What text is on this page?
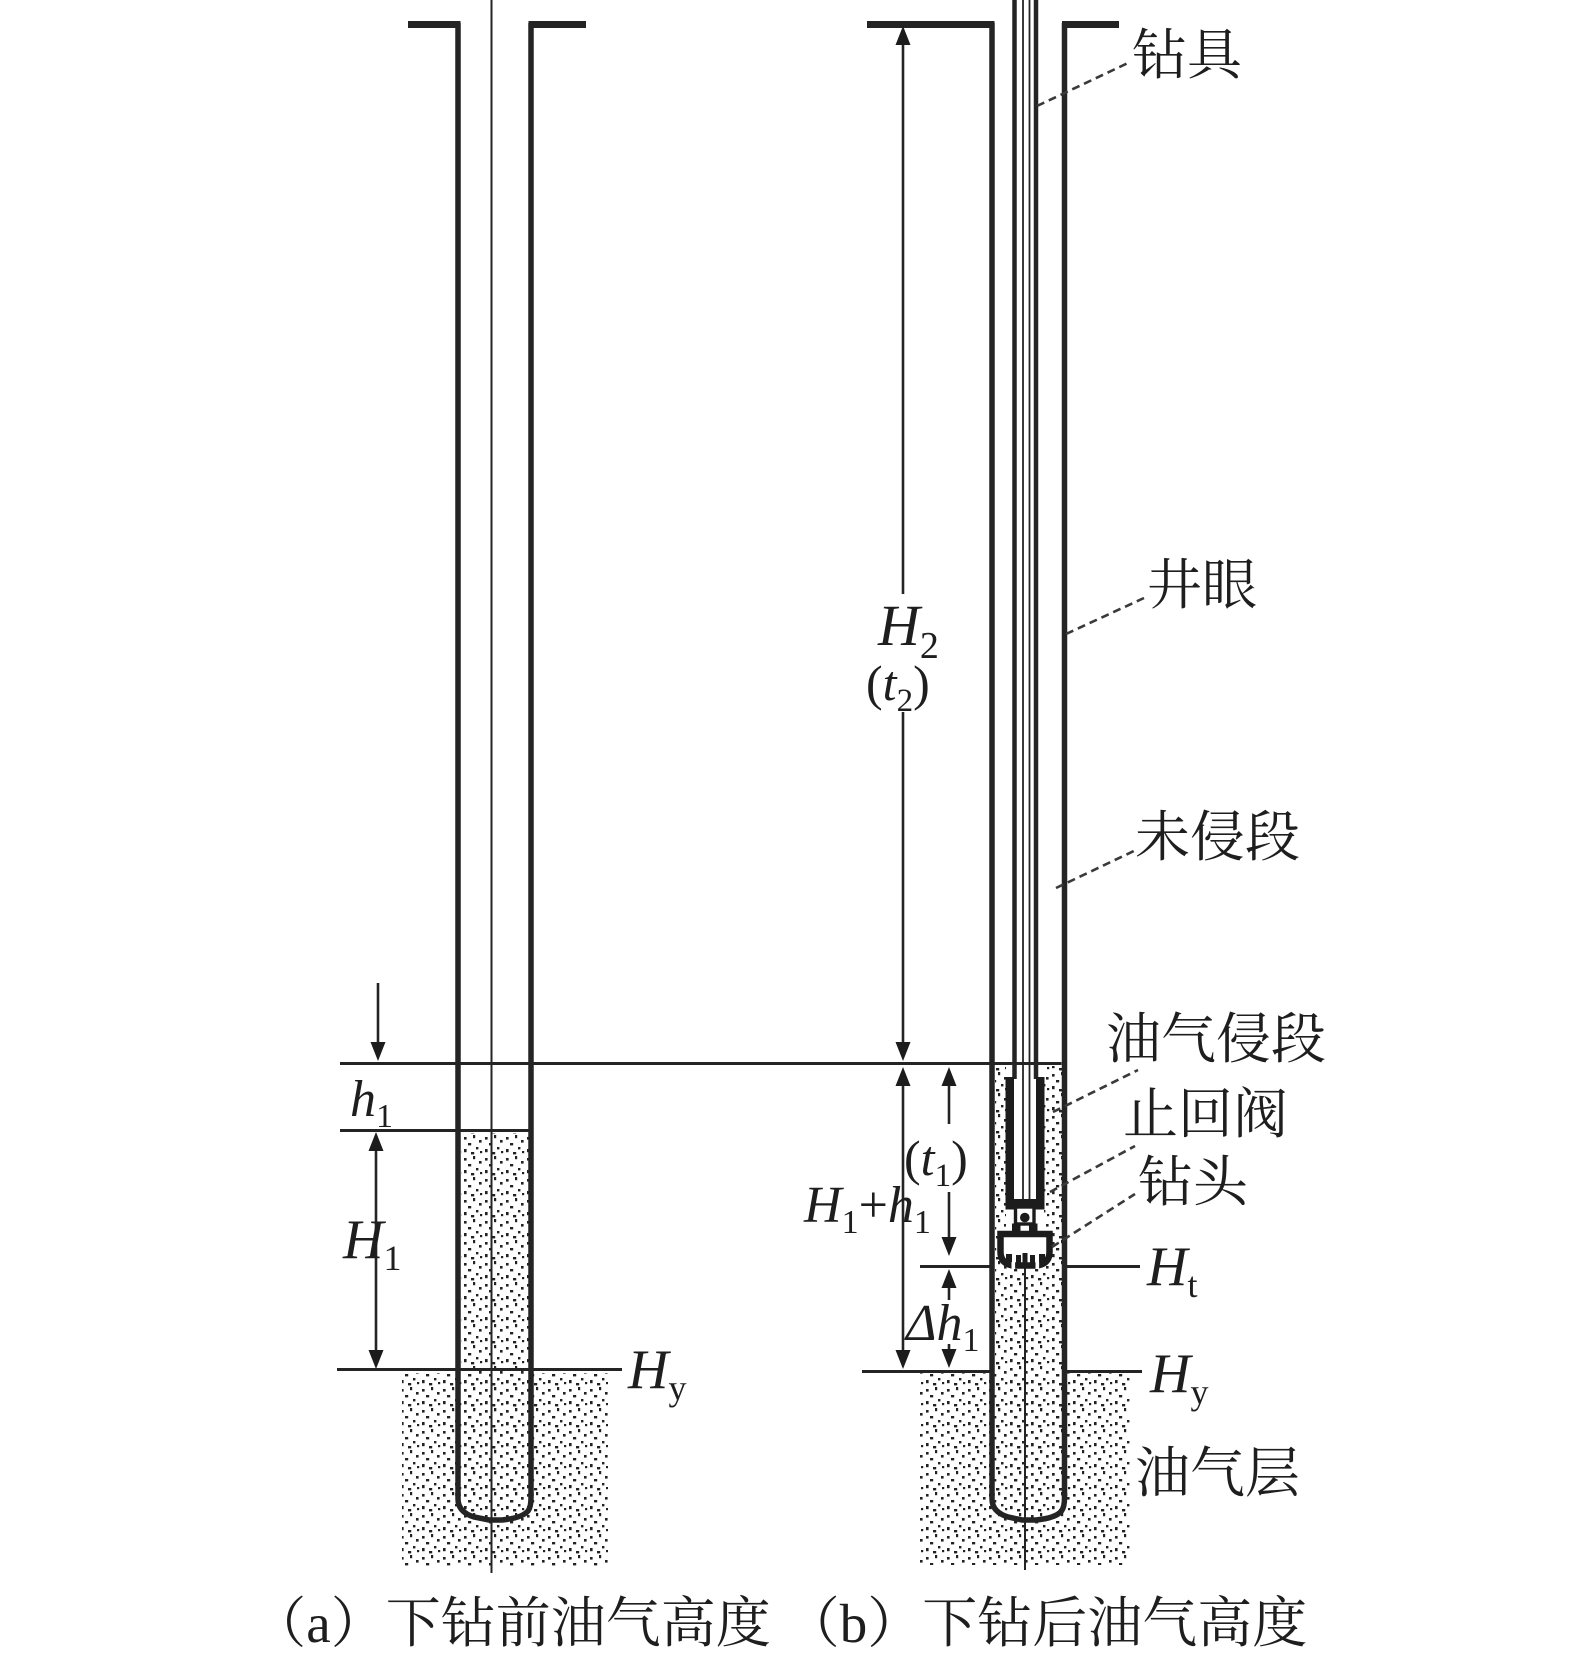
$h_1$
$H_1$
$H_y$
$H_2$
$(t_2)$
$H_1+h_1$
$(t_1)$
$\Delta h_1$
$H_t$
$H_y$
钻具
井眼
未侵段
油气侵段
止回阀
钻头
油气层
（a）下钻前油气高度 （b）下钻后油气高度
